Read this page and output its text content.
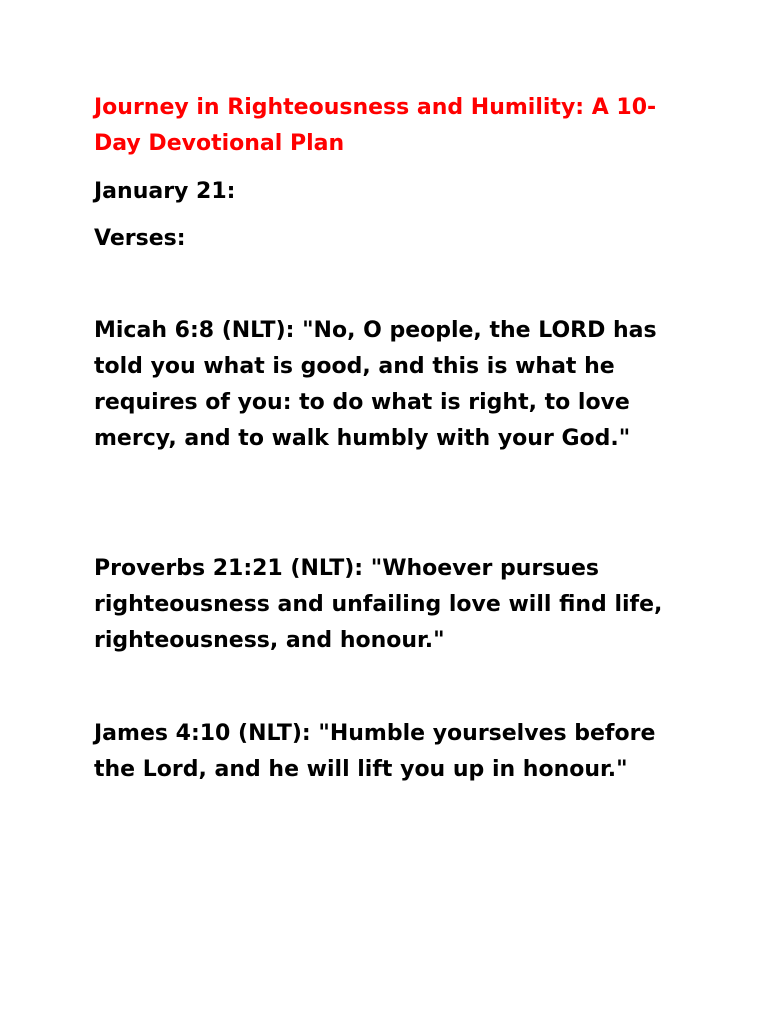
Journey in Righteousness and Humility: A 10-Day Devotional Plan

January 21:

Verses:

Micah 6:8 (NLT): "No, O people, the LORD has told you what is good, and this is what he requires of you: to do what is right, to love mercy, and to walk humbly with your God."

Proverbs 21:21 (NLT): "Whoever pursues righteousness and unfailing love will find life, righteousness, and honour."

James 4:10 (NLT): "Humble yourselves before the Lord, and he will lift you up in honour."
